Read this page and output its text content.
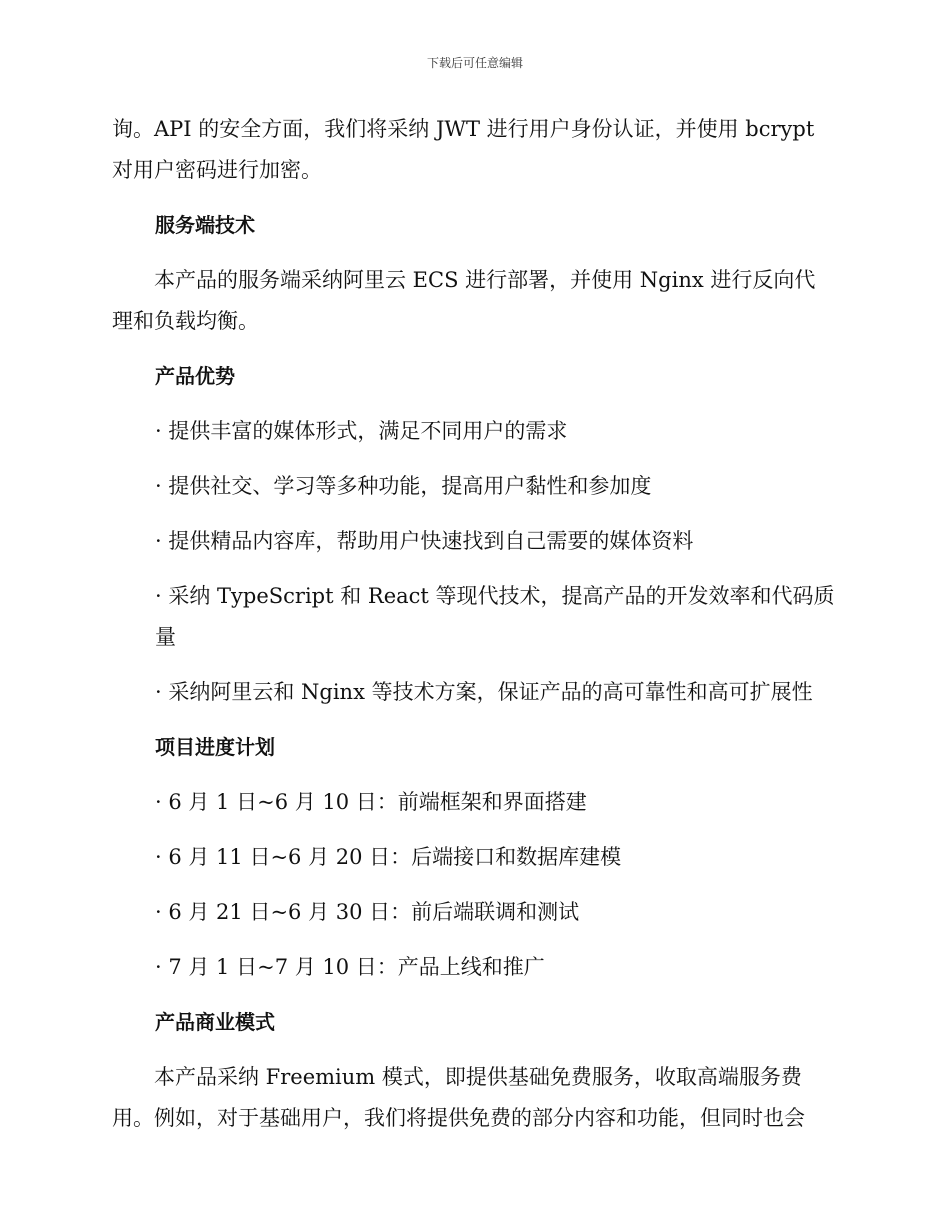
下载后可任意编辑

询。API 的安全方面，我们将采纳 JWT 进行用户身份认证，并使用 bcrypt 对用户密码进行加密。

服务端技术

本产品的服务端采纳阿里云 ECS 进行部署，并使用 Nginx 进行反向代理和负载均衡。

产品优势
· 提供丰富的媒体形式，满足不同用户的需求
· 提供社交、学习等多种功能，提高用户黏性和参加度
· 提供精品内容库，帮助用户快速找到自己需要的媒体资料
· 采纳 TypeScript 和 React 等现代技术，提高产品的开发效率和代码质量
· 采纳阿里云和 Nginx 等技术方案，保证产品的高可靠性和高可扩展性
项目进度计划
· 6 月 1 日~6 月 10 日：前端框架和界面搭建
· 6 月 11 日~6 月 20 日：后端接口和数据库建模
· 6 月 21 日~6 月 30 日：前后端联调和测试
· 7 月 1 日~7 月 10 日：产品上线和推广
产品商业模式

本产品采纳 Freemium 模式，即提供基础免费服务，收取高端服务费用。例如，对于基础用户，我们将提供免费的部分内容和功能，但同时也会
